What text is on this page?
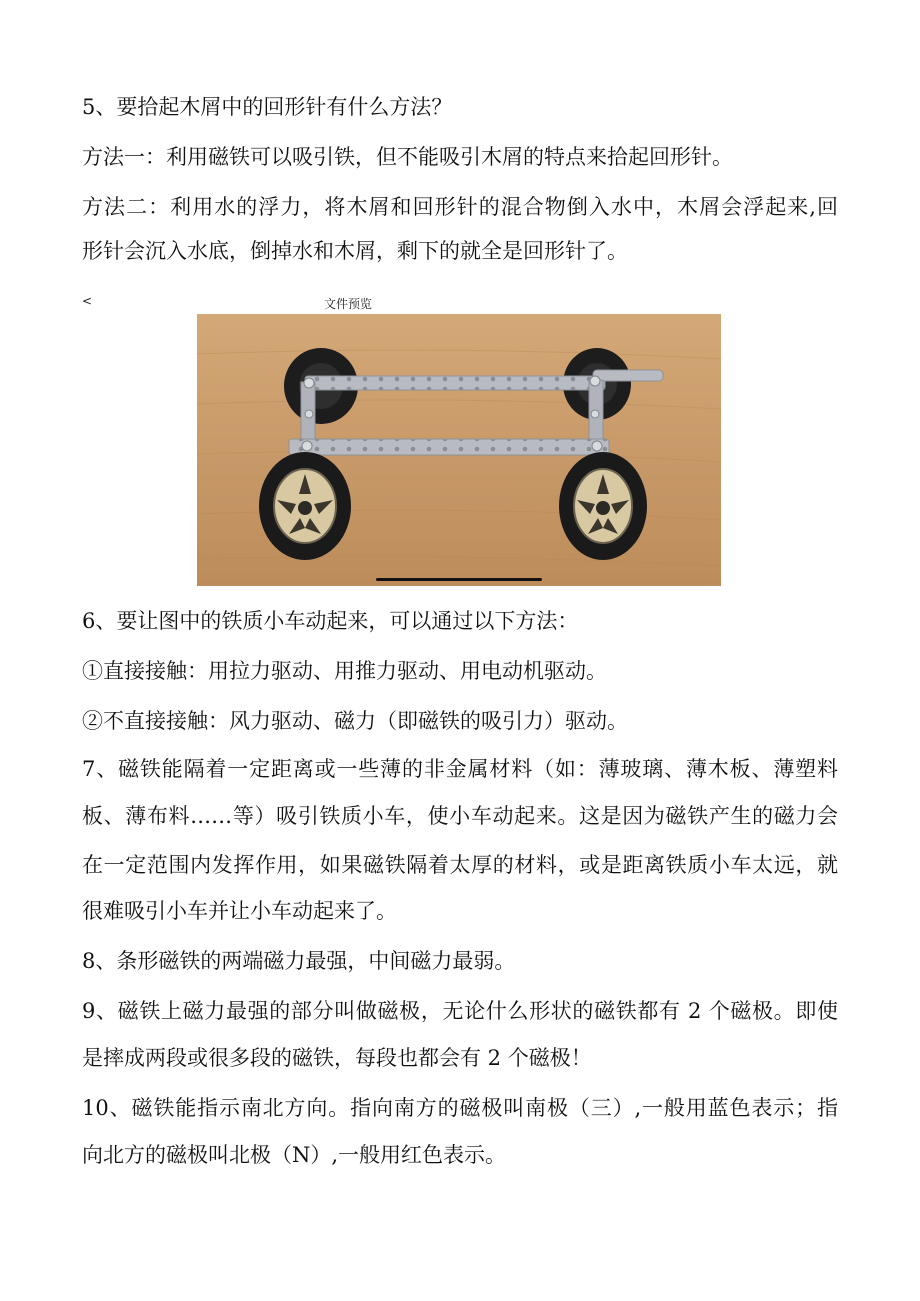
5、要拾起木屑中的回形针有什么方法？
方法一：利用磁铁可以吸引铁，但不能吸引木屑的特点来拾起回形针。
方法二：利用水的浮力，将木屑和回形针的混合物倒入水中，木屑会浮起来,回
形针会沉入水底，倒掉水和木屑，剩下的就全是回形针了。
<	文件预览
6、要让图中的铁质小车动起来，可以通过以下方法：
①直接接触：用拉力驱动、用推力驱动、用电动机驱动。
②不直接接触：风力驱动、磁力（即磁铁的吸引力）驱动。
7、磁铁能隔着一定距离或一些薄的非金属材料（如：薄玻璃、薄木板、薄塑料
板、薄布料……等）吸引铁质小车，使小车动起来。这是因为磁铁产生的磁力会
在一定范围内发挥作用，如果磁铁隔着太厚的材料，或是距离铁质小车太远，就
很难吸引小车并让小车动起来了。
8、条形磁铁的两端磁力最强，中间磁力最弱。
9、磁铁上磁力最强的部分叫做磁极，无论什么形状的磁铁都有 2 个磁极。即使
是摔成两段或很多段的磁铁，每段也都会有 2 个磁极！
10、磁铁能指示南北方向。指向南方的磁极叫南极（三）,一般用蓝色表示；指
向北方的磁极叫北极（N）,一般用红色表示。
